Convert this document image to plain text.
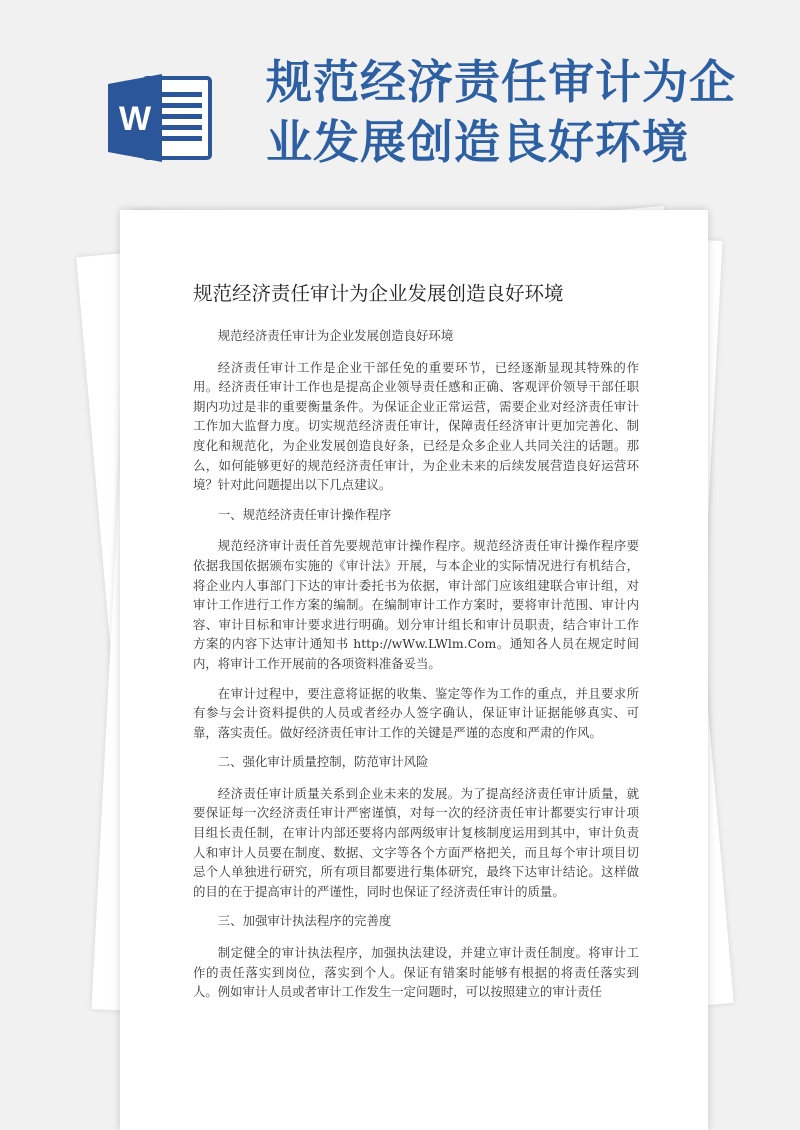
W
规范经济责任审计为企业发展创造良好环境
规范经济责任审计为企业发展创造良好环境

规范经济责任审计为企业发展创造良好环境

经济责任审计工作是企业干部任免的重要环节，已经逐渐显现其特殊的作用。经济责任审计工作也是提高企业领导责任感和正确、客观评价领导干部任职期内功过是非的重要衡量条件。为保证企业正常运营，需要企业对经济责任审计工作加大监督力度。切实规范经济责任审计，保障责任经济审计更加完善化、制度化和规范化，为企业发展创造良好条，已经是众多企业人共同关注的话题。那么，如何能够更好的规范经济责任审计，为企业未来的后续发展营造良好运营环境？针对此问题提出以下几点建议。

一、规范经济责任审计操作程序

规范经济审计责任首先要规范审计操作程序。规范经济责任审计操作程序要依据我国依据颁布实施的《审计法》开展，与本企业的实际情况进行有机结合，将企业内人事部门下达的审计委托书为依据，审计部门应该组建联合审计组，对审计工作进行工作方案的编制。在编制审计工作方案时，要将审计范围、审计内容、审计目标和审计要求进行明确。划分审计组长和审计员职责，结合审计工作方案的内容下达审计通知书 http://wWw.LWlm.Com。通知各人员在规定时间内，将审计工作开展前的各项资料准备妥当。

在审计过程中，要注意将证据的收集、鉴定等作为工作的重点，并且要求所有参与会计资料提供的人员或者经办人签字确认，保证审计证据能够真实、可靠，落实责任。做好经济责任审计工作的关键是严谨的态度和严肃的作风。

二、强化审计质量控制，防范审计风险

经济责任审计质量关系到企业未来的发展。为了提高经济责任审计质量，就要保证每一次经济责任审计严密谨慎，对每一次的经济责任审计都要实行审计项目组长责任制，在审计内部还要将内部两级审计复核制度运用到其中，审计负责人和审计人员要在制度、数据、文字等各个方面严格把关，而且每个审计项目切忌个人单独进行研究，所有项目都要进行集体研究，最终下达审计结论。这样做的目的在于提高审计的严谨性，同时也保证了经济责任审计的质量。

三、加强审计执法程序的完善度

制定健全的审计执法程序，加强执法建设，并建立审计责任制度。将审计工作的责任落实到岗位，落实到个人。保证有错案时能够有根据的将责任落实到人。例如审计人员或者审计工作发生一定问题时，可以按照建立的审计责任
